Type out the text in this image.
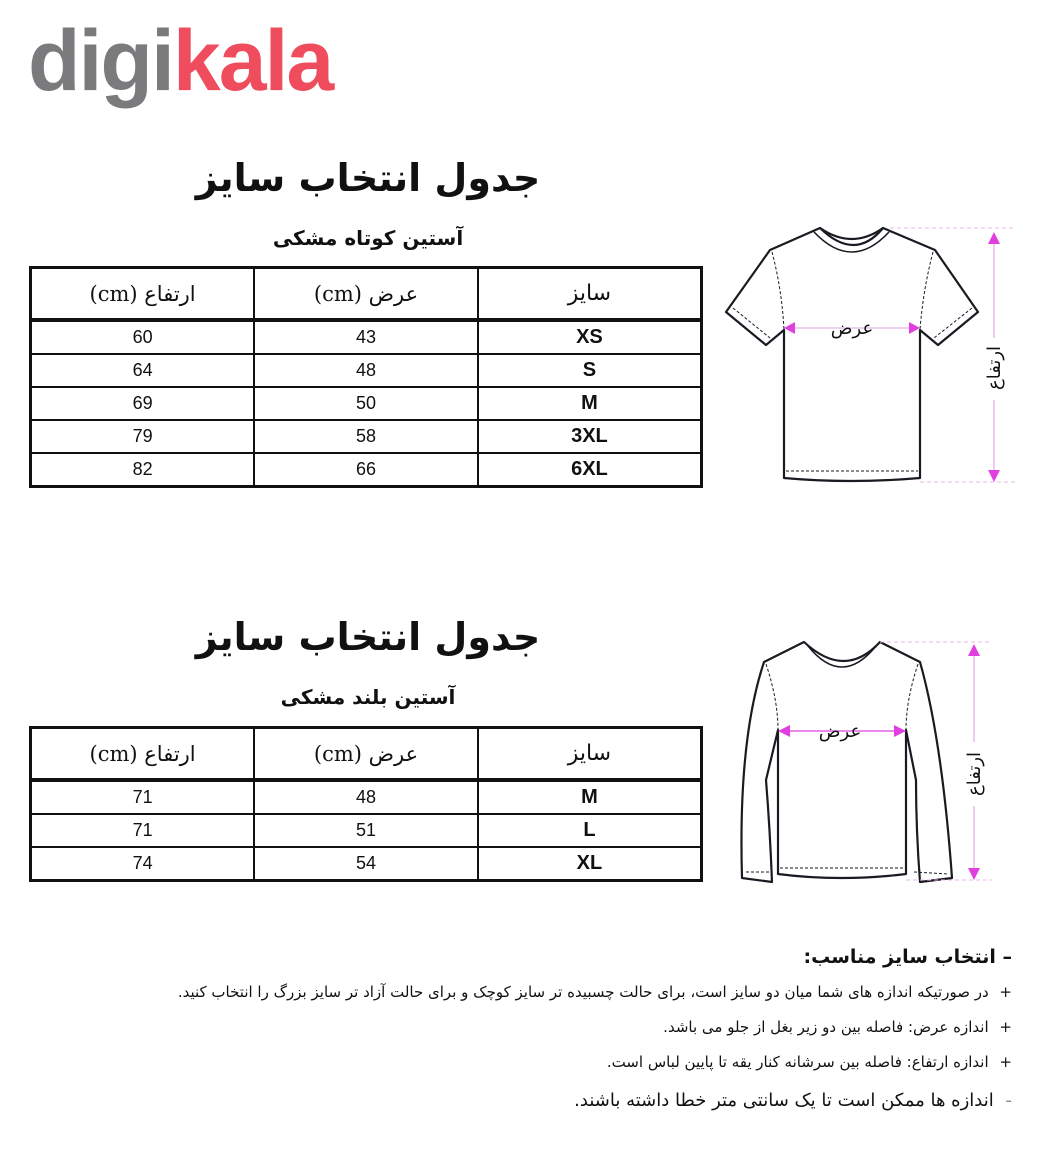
digikala
جدول انتخاب سایز
آستین کوتاه مشکی
سایز	عرض (cm)	ارتفاع (cm)
XS	43	60
S	48	64
M	50	69
3XL	58	79
6XL	66	82
عرض
ارتفاع
جدول انتخاب سایز
آستین بلند مشکی
سایز	عرض (cm)	ارتفاع (cm)
M	48	71
L	51	71
XL	54	74
عرض
ارتفاع
– انتخاب سایز مناسب:
+ در صورتیکه اندازه های شما میان دو سایز است، برای حالت چسبیده تر سایز کوچک و برای حالت آزاد تر سایز بزرگ را انتخاب کنید.
+ اندازه عرض: فاصله بین دو زیر بغل از جلو می باشد.
+ اندازه ارتفاع: فاصله بین سرشانه کنار یقه تا پایین لباس است.
- اندازه ها ممکن است تا یک سانتی متر خطا داشته باشند.
